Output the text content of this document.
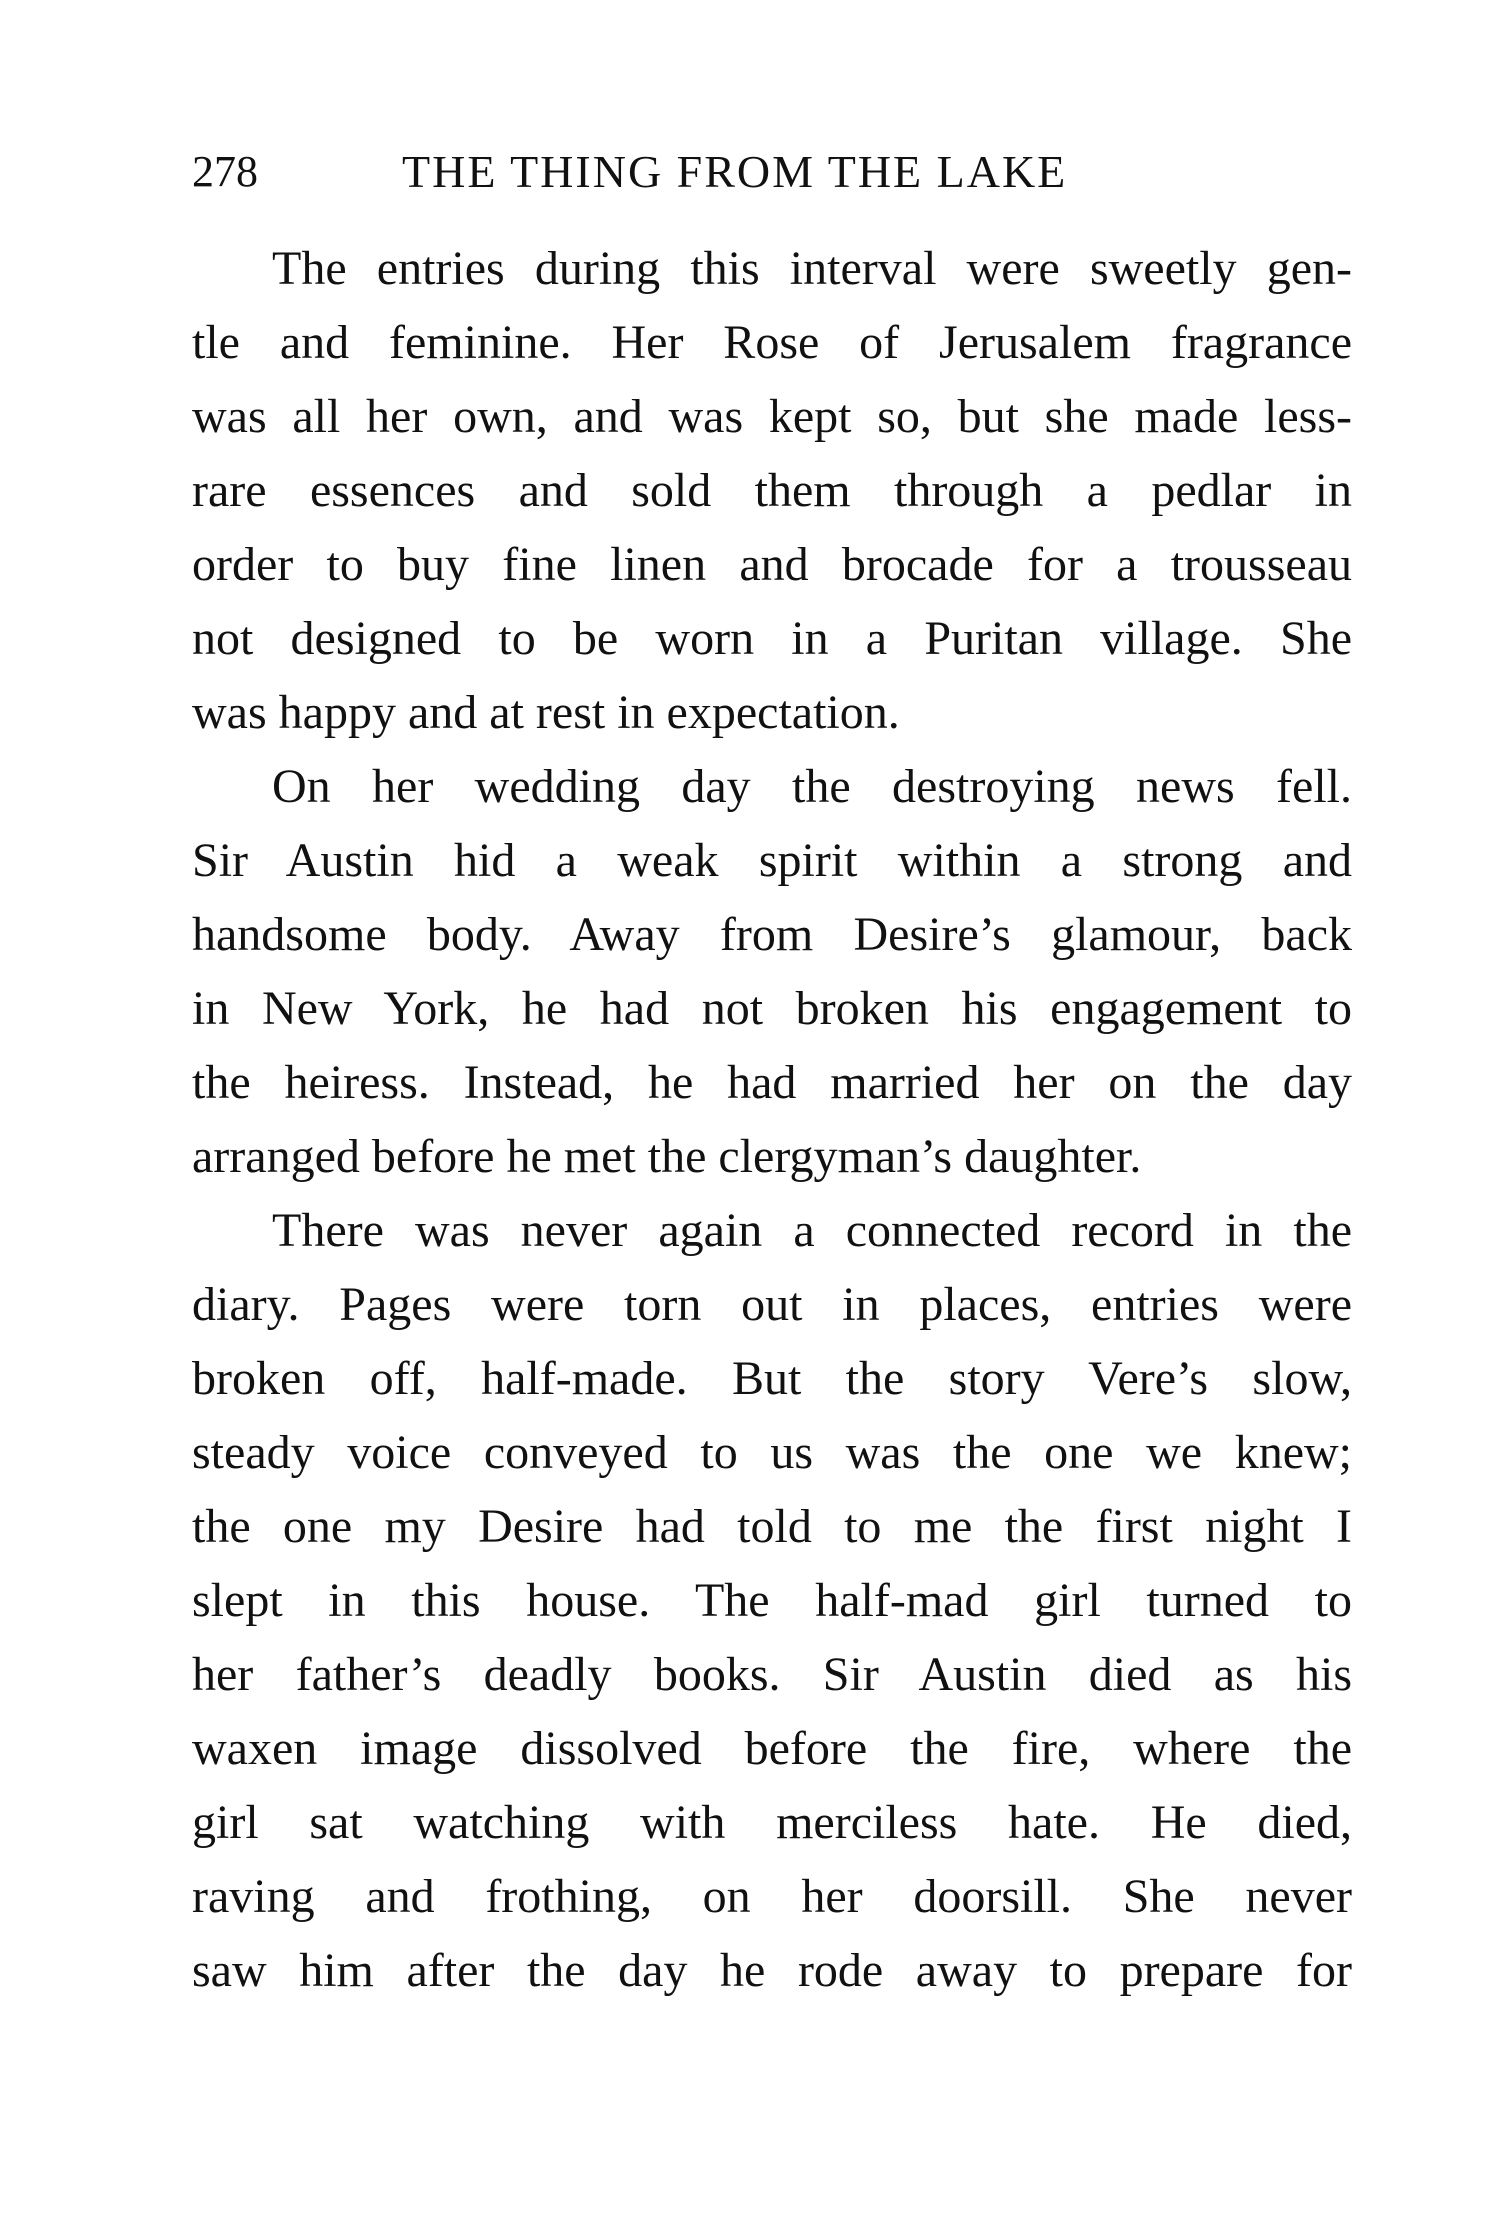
278	THE THING FROM THE LAKE
The entries during this interval were sweetly gen-
tle and feminine. Her Rose of Jerusalem fragrance
was all her own, and was kept so, but she made less-
rare essences and sold them through a pedlar in
order to buy fine linen and brocade for a trousseau
not designed to be worn in a Puritan village. She
was happy and at rest in expectation.
On her wedding day the destroying news fell.
Sir Austin hid a weak spirit within a strong and
handsome body. Away from Desire’s glamour, back
in New York, he had not broken his engagement to
the heiress. Instead, he had married her on the day
arranged before he met the clergyman’s daughter.
There was never again a connected record in the
diary. Pages were torn out in places, entries were
broken off, half-made. But the story Vere’s slow,
steady voice conveyed to us was the one we knew;
the one my Desire had told to me the first night I
slept in this house. The half-mad girl turned to
her father’s deadly books. Sir Austin died as his
waxen image dissolved before the fire, where the
girl sat watching with merciless hate. He died,
raving and frothing, on her doorsill. She never
saw him after the day he rode away to prepare for
